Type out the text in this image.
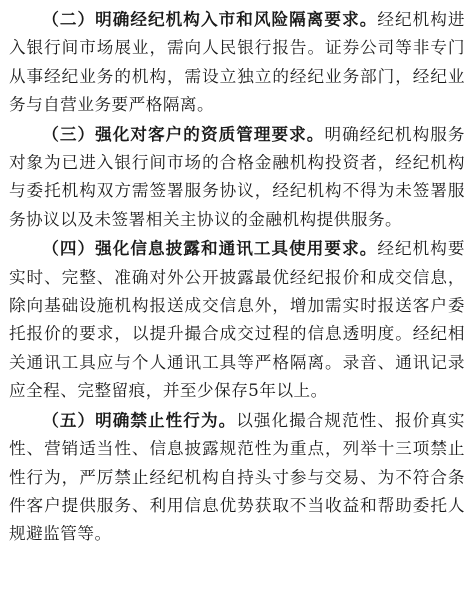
（二）明确经纪机构入市和风险隔离要求。经纪机构进入银行间市场展业，需向人民银行报告。证券公司等非专门从事经纪业务的机构，需设立独立的经纪业务部门，经纪业务与自营业务要严格隔离。

（三）强化对客户的资质管理要求。明确经纪机构服务对象为已进入银行间市场的合格金融机构投资者，经纪机构与委托机构双方需签署服务协议，经纪机构不得为未签署服务协议以及未签署相关主协议的金融机构提供服务。

（四）强化信息披露和通讯工具使用要求。经纪机构要实时、完整、准确对外公开披露最优经纪报价和成交信息，除向基础设施机构报送成交信息外，增加需实时报送客户委托报价的要求，以提升撮合成交过程的信息透明度。经纪相关通讯工具应与个人通讯工具等严格隔离。录音、通讯记录应全程、完整留痕，并至少保存5年以上。

（五）明确禁止性行为。以强化撮合规范性、报价真实性、营销适当性、信息披露规范性为重点，列举十三项禁止性行为，严厉禁止经纪机构自持头寸参与交易、为不符合条件客户提供服务、利用信息优势获取不当收益和帮助委托人规避监管等。
